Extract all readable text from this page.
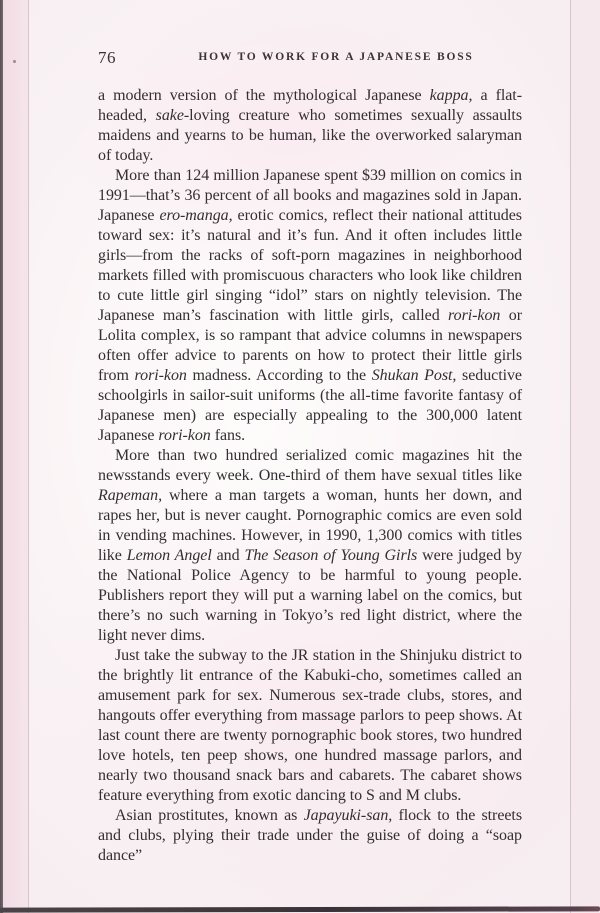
76	HOW TO WORK FOR A JAPANESE BOSS

a modern version of the mythological Japanese kappa, a flat-headed, sake-loving creature who sometimes sexually assaults maidens and yearns to be human, like the overworked salaryman of today.

More than 124 million Japanese spent $39 million on comics in 1991—that’s 36 percent of all books and magazines sold in Japan. Japanese ero-manga, erotic comics, reflect their national attitudes toward sex: it’s natural and it’s fun. And it often includes little girls—from the racks of soft-porn magazines in neighborhood markets filled with promiscuous characters who look like children to cute little girl singing “idol” stars on nightly television. The Japanese man’s fascination with little girls, called rori-kon or Lolita complex, is so rampant that advice columns in newspapers often offer advice to parents on how to protect their little girls from rori-kon madness. According to the Shukan Post, seductive schoolgirls in sailor-suit uniforms (the all-time favorite fantasy of Japanese men) are especially appealing to the 300,000 latent Japanese rori-kon fans.

More than two hundred serialized comic magazines hit the newsstands every week. One-third of them have sexual titles like Rapeman, where a man targets a woman, hunts her down, and rapes her, but is never caught. Pornographic comics are even sold in vending machines. However, in 1990, 1,300 comics with titles like Lemon Angel and The Season of Young Girls were judged by the National Police Agency to be harmful to young people. Publishers report they will put a warning label on the comics, but there’s no such warning in Tokyo’s red light district, where the light never dims.

Just take the subway to the JR station in the Shinjuku district to the brightly lit entrance of the Kabuki-cho, sometimes called an amusement park for sex. Numerous sex-trade clubs, stores, and hangouts offer everything from massage parlors to peep shows. At last count there are twenty pornographic book stores, two hundred love hotels, ten peep shows, one hundred massage parlors, and nearly two thousand snack bars and cabarets. The cabaret shows feature everything from exotic dancing to S and M clubs.

Asian prostitutes, known as Japayuki-san, flock to the streets and clubs, plying their trade under the guise of doing a “soap dance”
